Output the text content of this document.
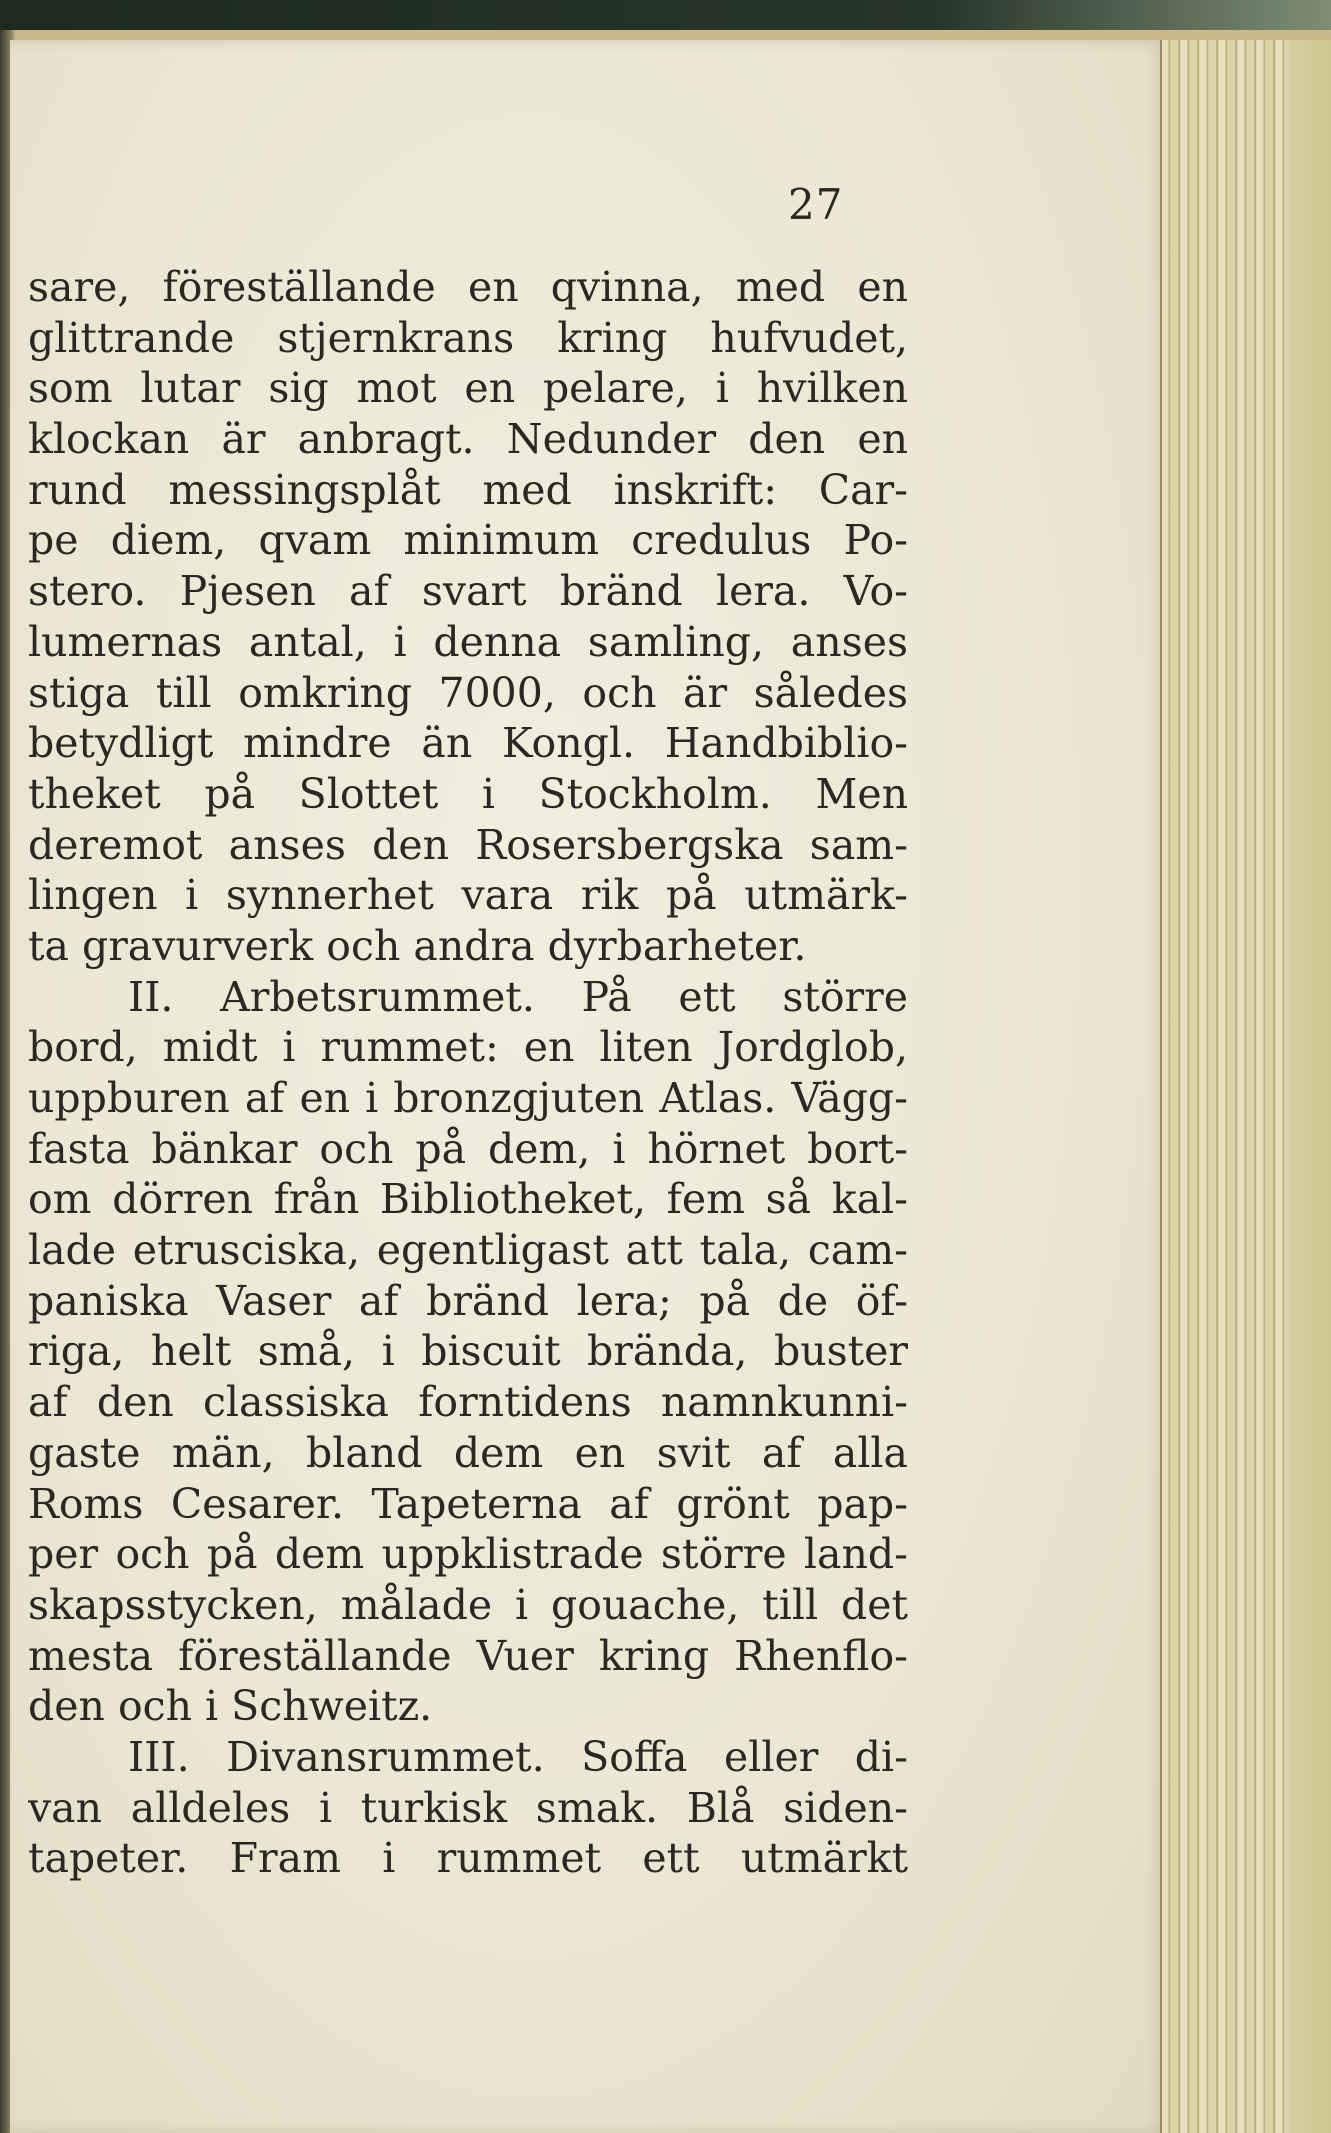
27
sare, föreställande en qvinna, med en
glittrande stjernkrans kring hufvudet,
som lutar sig mot en pelare, i hvilken
klockan är anbragt. Nedunder den en
rund messingsplåt med inskrift: Car-
pe diem, qvam minimum credulus Po-
stero. Pjesen af svart bränd lera. Vo-
lumernas antal, i denna samling, anses
stiga till omkring 7000, och är således
betydligt mindre än Kongl. Handbiblio-
theket på Slottet i Stockholm. Men
deremot anses den Rosersbergska sam-
lingen i synnerhet vara rik på utmärk-
ta gravurverk och andra dyrbarheter.
II. Arbetsrummet. På ett större
bord, midt i rummet: en liten Jordglob,
uppburen af en i bronzgjuten Atlas. Vägg-
fasta bänkar och på dem, i hörnet bort-
om dörren från Bibliotheket, fem så kal-
lade etrusciska, egentligast att tala, cam-
paniska Vaser af bränd lera; på de öf-
riga, helt små, i biscuit brända, buster
af den classiska forntidens namnkunni-
gaste män, bland dem en svit af alla
Roms Cesarer. Tapeterna af grönt pap-
per och på dem uppklistrade större land-
skapsstycken, målade i gouache, till det
mesta föreställande Vuer kring Rhenflo-
den och i Schweitz.
III. Divansrummet. Soffa eller di-
van alldeles i turkisk smak. Blå siden-
tapeter. Fram i rummet ett utmärkt
